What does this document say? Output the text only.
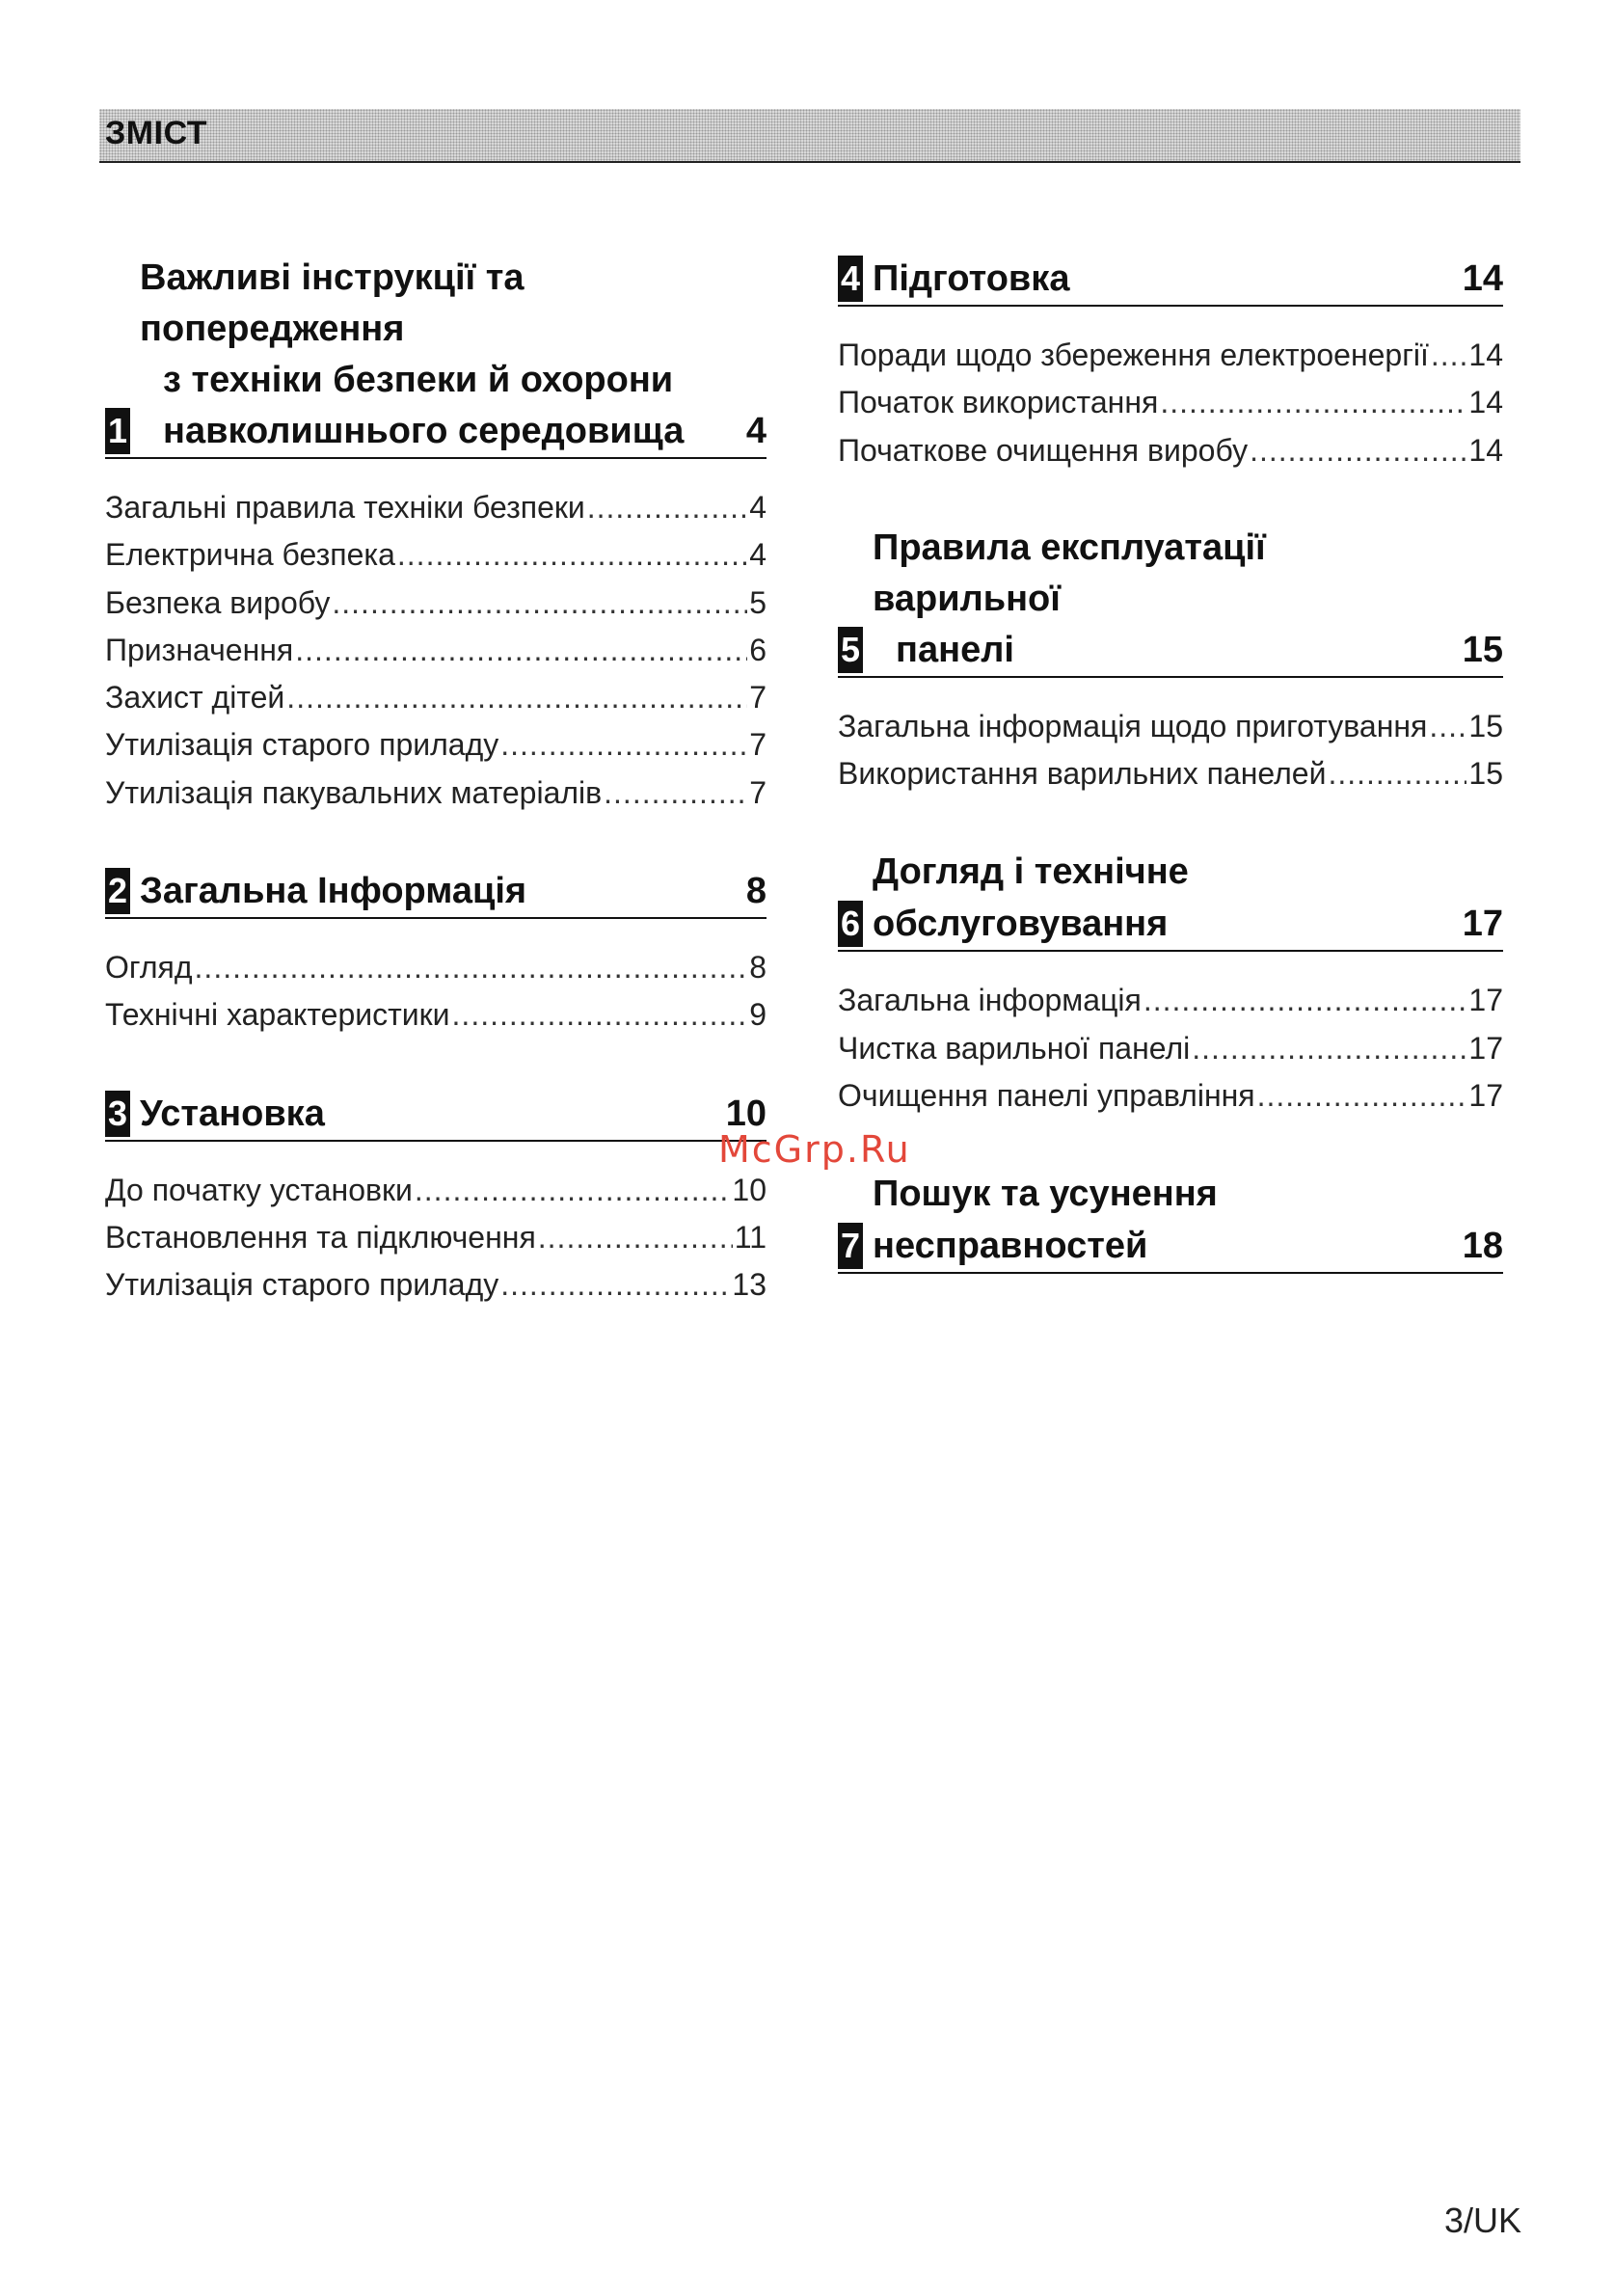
ЗМІСТ
1
Важливі інструкції та попередження
з техніки безпеки й охорони
навколишнього середовища	4
Загальні правила техніки безпеки .....	4
Електрична безпека .....	4
Безпека виробу .....	5
Призначення .....	6
Захист дітей .....	7
Утилізація старого приладу .....	7
Утилізація пакувальних матеріалів .....	7
2 Загальна Інформація	8
Огляд .....	8
Технічні характеристики .....	9
3 Установка	10
До початку установки .....	10
Встановлення та підключення .....	11
Утилізація старого приладу .....	13
4 Підготовка	14
Поради щодо збереження електроенергії ..... 14
Початок використання .....	14
Початкове очищення виробу .....	14
5
Правила експлуатації варильної
панелі	15
Загальна інформація щодо приготування ..... 15
Використання варильних панелей .....	15
6
Догляд і технічне обслуговування	17
Загальна інформація .....	17
Чистка варильної панелі .....	17
Очищення панелі управління .....	17
7
Пошук та усунення несправностей	18
McGrp.Ru
3/UK
